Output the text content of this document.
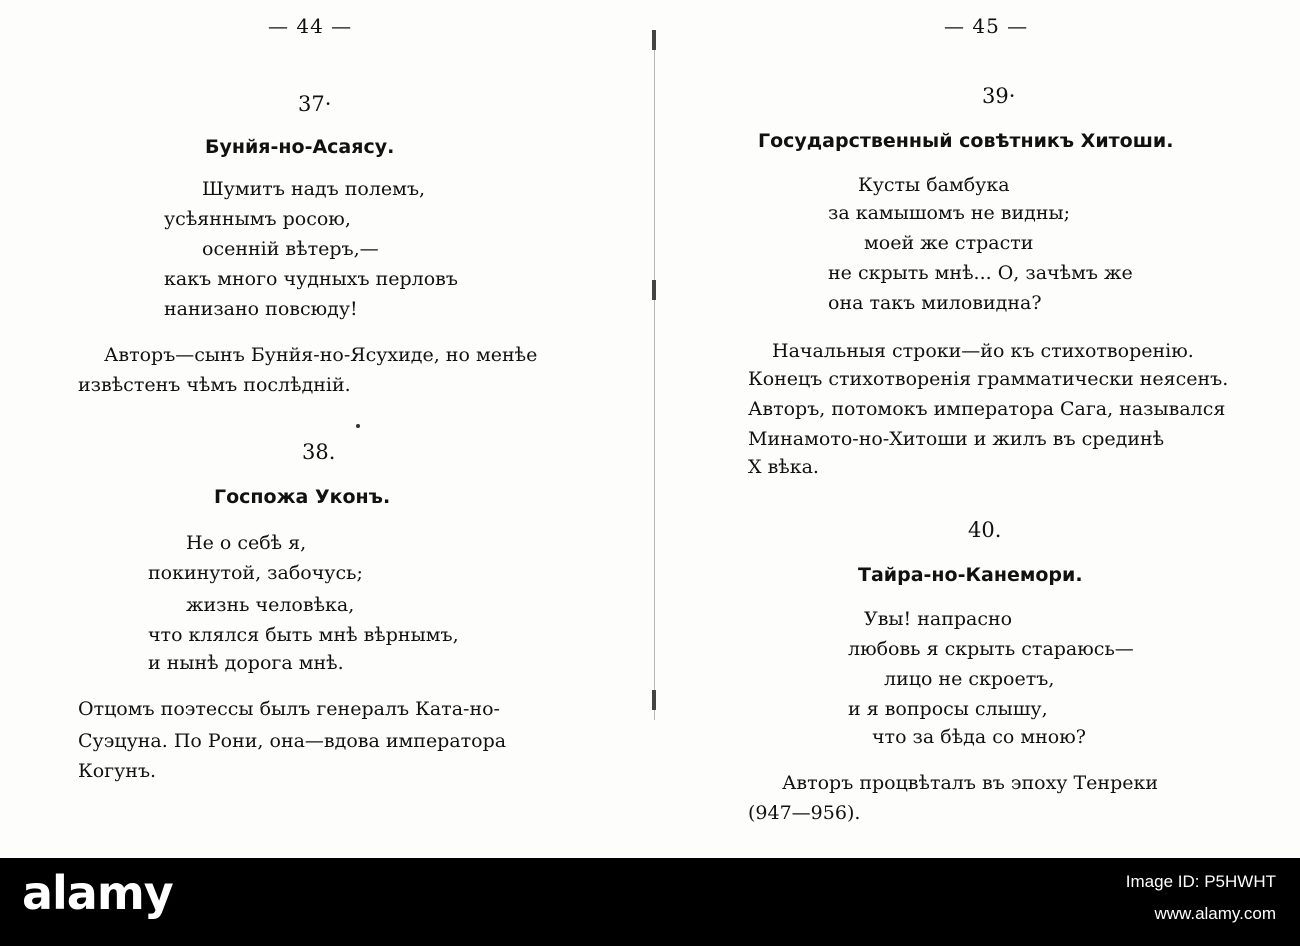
— 44 —
37·
Бунйя-но-Асаясу.
Шумитъ надъ полемъ,
усѣяннымъ росою,
осенній вѣтеръ,—
какъ много чудныхъ перловъ
нанизано повсюду!
Авторъ—сынъ Бунйя-но-Ясухиде, но менѣе
извѣстенъ чѣмъ послѣдній.
38.
Госпожа Уконъ.
Не о себѣ я,
покинутой, забочусь;
жизнь человѣка,
что клялся быть мнѣ вѣрнымъ,
и нынѣ дорога мнѣ.
Отцомъ поэтессы былъ генералъ Ката-но-
Суэцуна. По Рони, она—вдова императора
Когунъ.
— 45 —
39·
Государственный совѣтникъ Хитоши.
Кусты бамбука
за камышомъ не видны;
моей же страсти
не скрыть мнѣ... О, зачѣмъ же
она такъ миловидна?
Начальныя строки—йо къ стихотворенію.
Конецъ стихотворенія грамматически неясенъ.
Авторъ, потомокъ императора Сага, назывался
Минамото-но-Хитоши и жилъ въ срединѣ
X вѣка.
40.
Тайра-но-Канемори.
Увы! напрасно
любовь я скрыть стараюсь—
лицо не скроетъ,
и я вопросы слышу,
что за бѣда со мною?
Авторъ процвѣталъ въ эпоху Тенреки
(947—956).
alamy	Image ID: P5HWHT
www.alamy.com
